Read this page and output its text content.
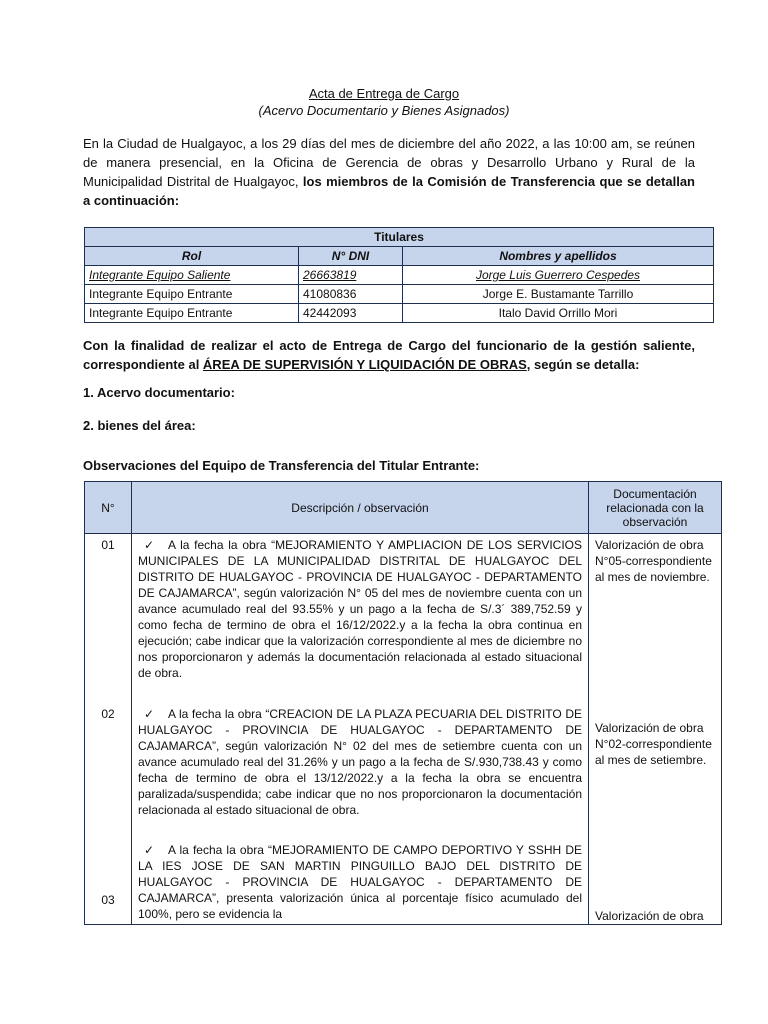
Acta de Entrega de Cargo
(Acervo Documentario y Bienes Asignados)
En la Ciudad de Hualgayoc, a los 29 días del mes de diciembre del año 2022, a las 10:00 am, se reúnen de manera presencial, en la Oficina de Gerencia de obras y Desarrollo Urbano y Rural de la Municipalidad Distrital de Hualgayoc, los miembros de la Comisión de Transferencia que se detallan a continuación:
Titulares		
Rol	N° DNI	Nombres y apellidos
Integrante Equipo Saliente	26663819	Jorge Luis Guerrero Cespedes
Integrante Equipo Entrante	41080836	Jorge E. Bustamante Tarrillo
Integrante Equipo Entrante	42442093	Italo David Orrillo Mori
Con la finalidad de realizar el acto de Entrega de Cargo del funcionario de la gestión saliente, correspondiente al ÁREA DE SUPERVISIÓN Y LIQUIDACIÓN DE OBRAS, según se detalla:
1. Acervo documentario:
2. bienes del área:
Observaciones del Equipo de Transferencia del Titular Entrante:
N°	Descripción / observación	Documentación relacionada con la observación
01	✓ A la fecha la obra “MEJORAMIENTO Y AMPLIACION DE LOS SERVICIOS MUNICIPALES DE LA MUNICIPALIDAD DISTRITAL DE HUALGAYOC DEL DISTRITO DE HUALGAYOC - PROVINCIA DE HUALGAYOC - DEPARTAMENTO DE CAJAMARCA”, según valorización N° 05 del mes de noviembre cuenta con un avance acumulado real del 93.55% y un pago a la fecha de S/.3´ 389,752.59 y como fecha de termino de obra el 16/12/2022.y a la fecha la obra continua en ejecución; cabe indicar que la valorización correspondiente al mes de diciembre no nos proporcionaron y además la documentación relacionada al estado situacional de obra.	Valorización de obra N°05-correspondiente al mes de noviembre.

02	✓ A la fecha la obra “CREACION DE LA PLAZA PECUARIA DEL DISTRITO DE HUALGAYOC - PROVINCIA DE HUALGAYOC - DEPARTAMENTO DE CAJAMARCA”, según valorización N° 02 del mes de setiembre cuenta con un avance acumulado real del 31.26% y un pago a la fecha de S/.930,738.43 y como fecha de termino de obra el 13/12/2022.y a la fecha la obra se encuentra paralizada/suspendida; cabe indicar que no nos proporcionaron la documentación relacionada al estado situacional de obra.	Valorización de obra N°02-correspondiente al mes de setiembre.

03	✓ A la fecha la obra “MEJORAMIENTO DE CAMPO DEPORTIVO Y SSHH DE LA IES JOSE DE SAN MARTIN PINGUILLO BAJO DEL DISTRITO DE HUALGAYOC - PROVINCIA DE HUALGAYOC - DEPARTAMENTO DE CAJAMARCA”, presenta valorización única al porcentaje físico acumulado del 100%, pero se evidencia la	Valorización de obra
